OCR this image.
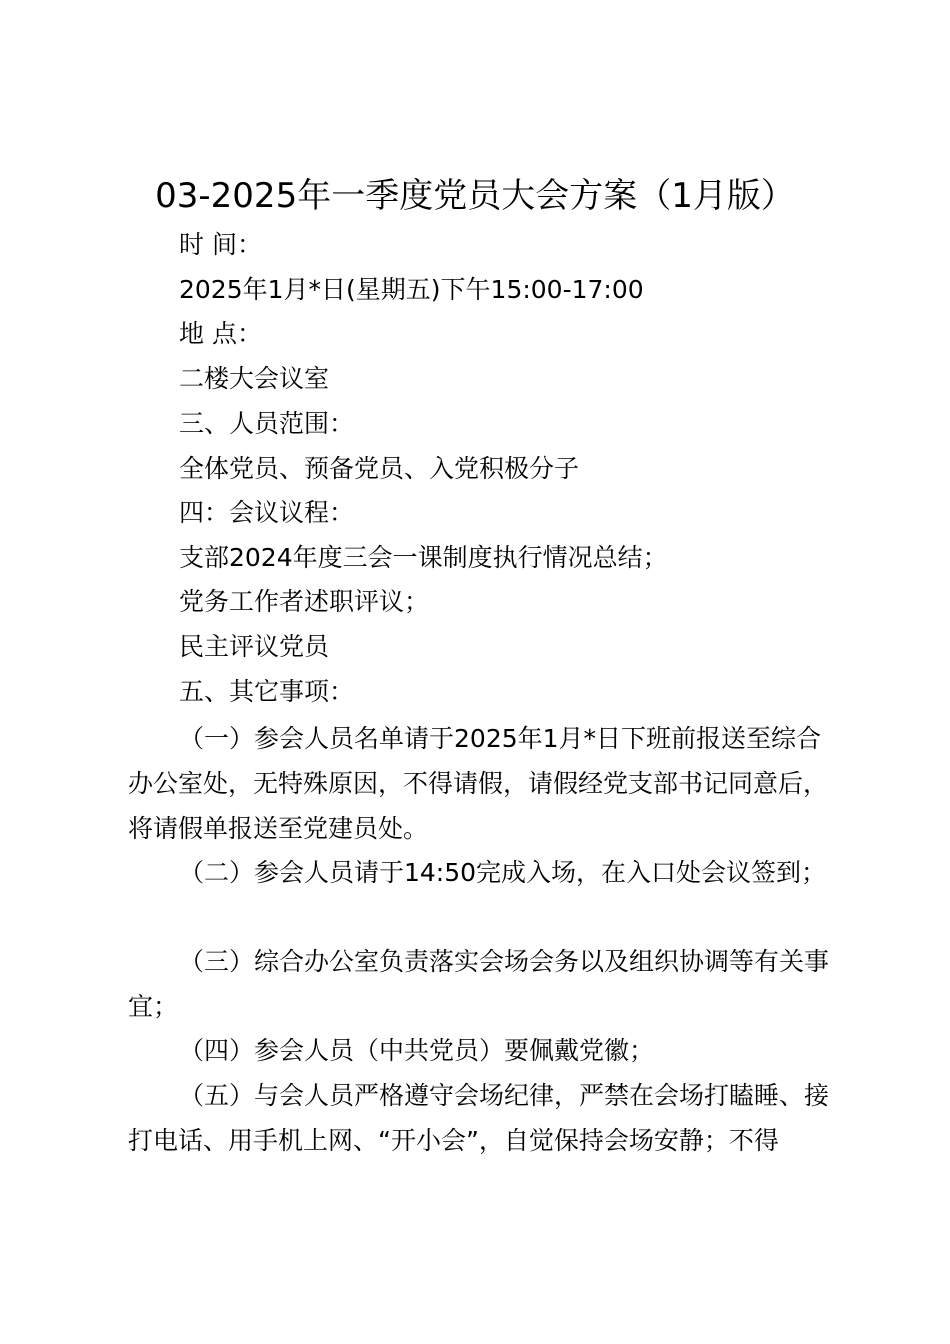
03-2025年一季度党员大会方案（1月版）
时 间：
2025年1月*日(星期五)下午15:00-17:00
地 点：
二楼大会议室
三、人员范围：
全体党员、预备党员、入党积极分子
四：会议议程：
支部2024年度三会一课制度执行情况总结；
党务工作者述职评议；
民主评议党员
五、其它事项：

（一）参会人员名单请于2025年1月*日下班前报送至综合办公室处，无特殊原因，不得请假，请假经党支部书记同意后，将请假单报送至党建员处。

（二）参会人员请于14:50完成入场，在入口处会议签到；

（三）综合办公室负责落实会场会务以及组织协调等有关事宜；

（四）参会人员（中共党员）要佩戴党徽；

（五）与会人员严格遵守会场纪律，严禁在会场打瞌睡、接打电话、用手机上网、“开小会”，自觉保持会场安静；不得
